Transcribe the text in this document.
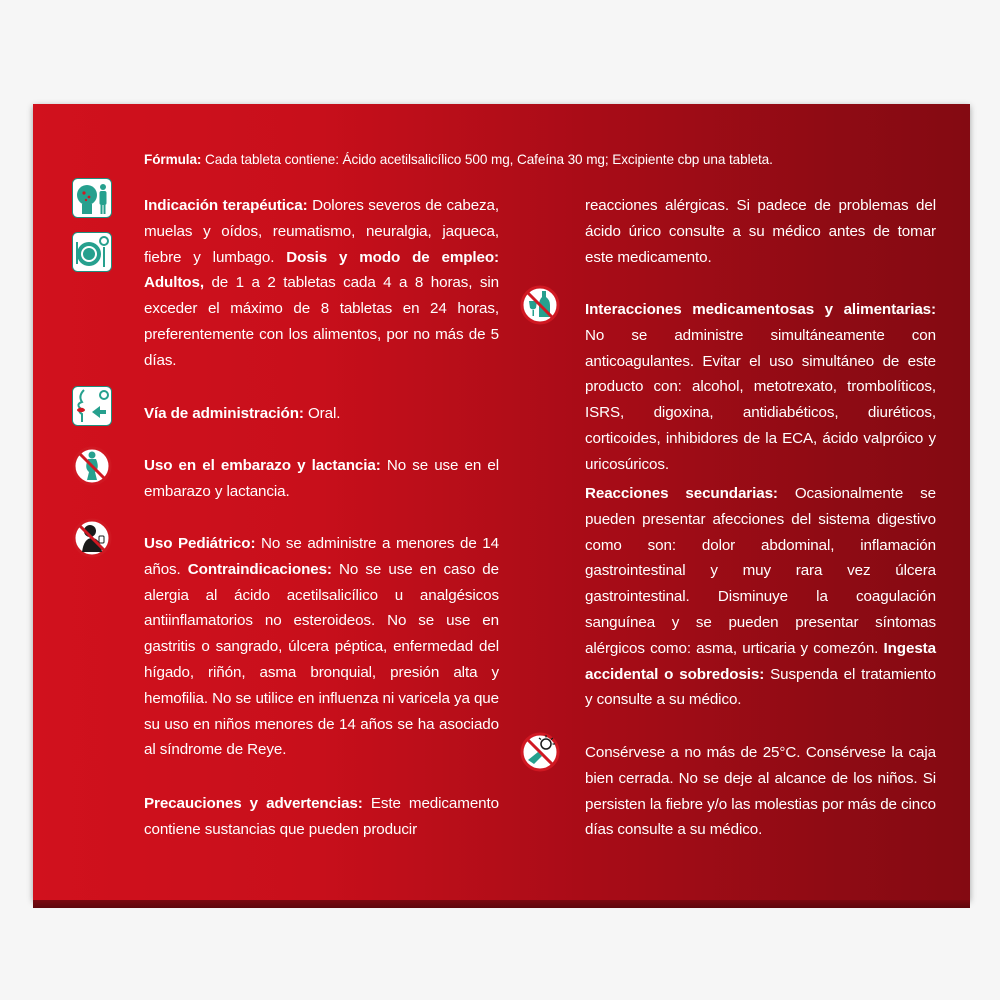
Fórmula: Cada tableta contiene: Ácido acetilsalicílico 500 mg, Cafeína 30 mg; Excipiente cbp una tableta.

Indicación terapéutica: Dolores severos de cabeza, muelas y oídos, reumatismo, neuralgia, jaqueca, fiebre y lumbago. Dosis y modo de empleo: Adultos, de 1 a 2 tabletas cada 4 a 8 horas, sin exceder el máximo de 8 tabletas en 24 horas, preferentemente con los alimentos, por no más de 5 días.

Vía de administración: Oral.

Uso en el embarazo y lactancia: No se use en el embarazo y lactancia.

Uso Pediátrico: No se administre a menores de 14 años. Contraindicaciones: No se use en caso de alergia al ácido acetilsalicílico u analgésicos antiinflamatorios no esteroideos. No se use en gastritis o sangrado, úlcera péptica, enfermedad del hígado, riñón, asma bronquial, presión alta y hemofilia. No se utilice en influenza ni varicela ya que su uso en niños menores de 14 años se ha asociado al síndrome de Reye.

Precauciones y advertencias: Este medicamento contiene sustancias que pueden producir

reacciones alérgicas. Si padece de problemas del ácido úrico consulte a su médico antes de tomar este medicamento.

Interacciones medicamentosas y alimentarias: No se administre simultáneamente con anticoagulantes. Evitar el uso simultáneo de este producto con: alcohol, metotrexato, trombolíticos, ISRS, digoxina, antidiabéticos, diuréticos, corticoides, inhibidores de la ECA, ácido valpróico y uricosúricos.

Reacciones secundarias: Ocasionalmente se pueden presentar afecciones del sistema digestivo como son: dolor abdominal, inflamación gastrointestinal y muy rara vez úlcera gastrointestinal. Disminuye la coagulación sanguínea y se pueden presentar síntomas alérgicos como: asma, urticaria y comezón. Ingesta accidental o sobredosis: Suspenda el tratamiento y consulte a su médico.

Consérvese a no más de 25°C. Consérvese la caja bien cerrada. No se deje al alcance de los niños. Si persisten la fiebre y/o las molestias por más de cinco días consulte a su médico.
